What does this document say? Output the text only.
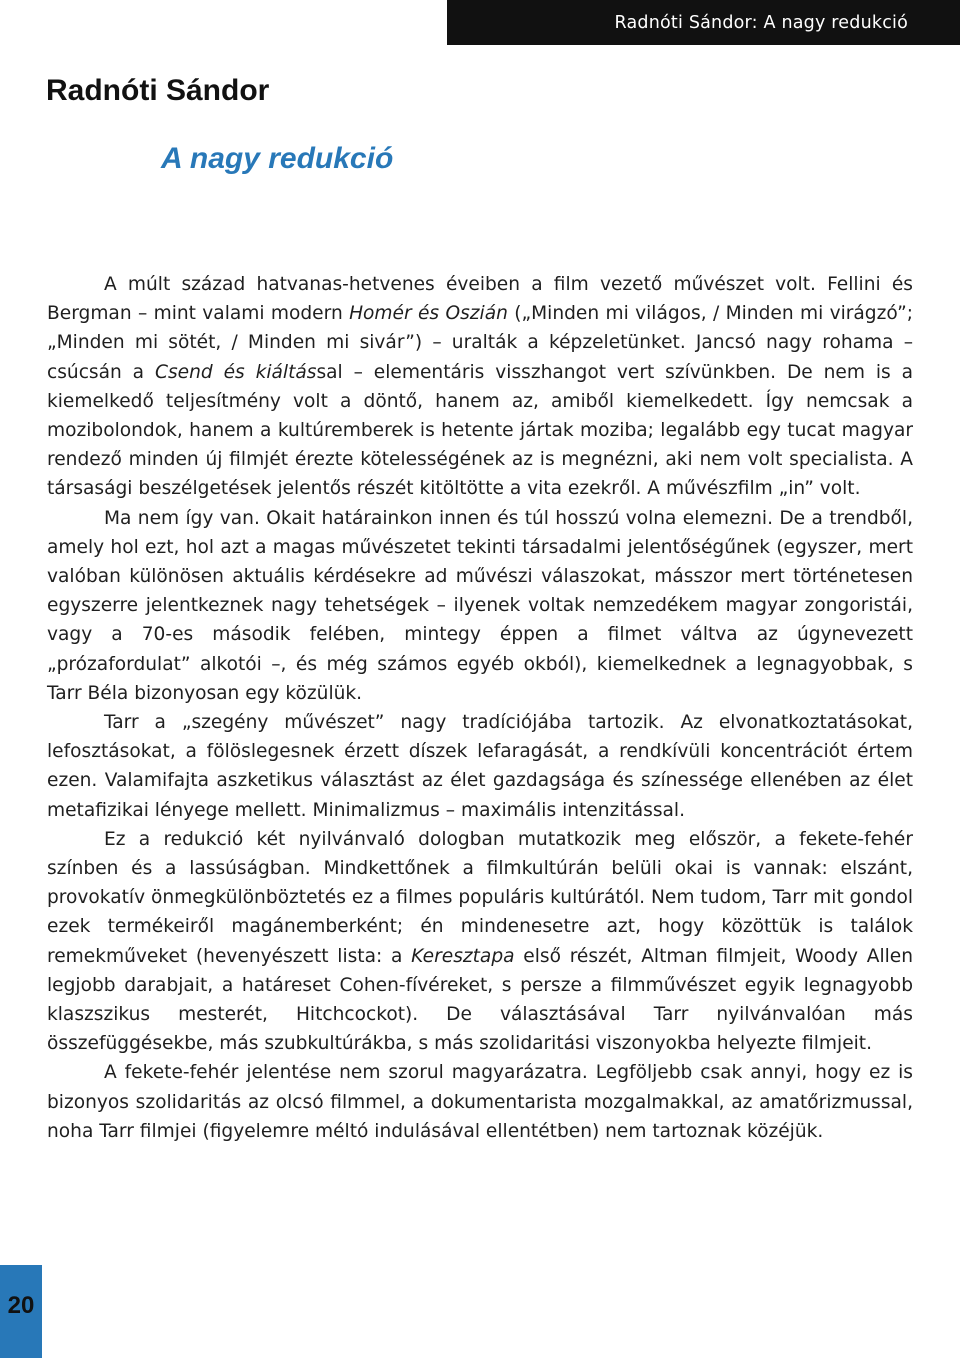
Radnóti Sándor: A nagy redukció
Radnóti Sándor
A nagy redukció

A múlt század hatvanas-hetvenes éveiben a film vezető művészet volt. Fellini és Bergman – mint valami modern Homér és Oszián („Minden mi világos, / Minden mi virágzó”; „Minden mi sötét, / Minden mi sivár”) – uralták a képzeletünket. Jancsó nagy rohama – csúcsán a Csend és kiáltással – elementáris visszhangot vert szívünkben. De nem is a kiemelkedő teljesítmény volt a döntő, hanem az, amiből kiemelkedett. Így nemcsak a mozibolondok, hanem a kultúremberek is hetente jártak moziba; legalább egy tucat magyar rendező minden új filmjét érezte kötelességének az is megnézni, aki nem volt specialista. A társasági beszélgetések jelentős részét kitöltötte a vita ezekről. A művészfilm „in” volt.

Ma nem így van. Okait határainkon innen és túl hosszú volna elemezni. De a trendből, amely hol ezt, hol azt a magas művészetet tekinti társadalmi jelentőségűnek (egyszer, mert valóban különösen aktuális kérdésekre ad művészi válaszokat, másszor mert történetesen egyszerre jelentkeznek nagy tehetségek – ilyenek voltak nemzedékem magyar zongoristái, vagy a 70-es második felében, mintegy éppen a filmet váltva az úgynevezett „prózafordulat” alkotói –, és még számos egyéb okból), kiemelkednek a legnagyobbak, s Tarr Béla bizonyosan egy közülük.

Tarr a „szegény művészet” nagy tradíciójába tartozik. Az elvonatkoztatásokat, lefosztásokat, a fölöslegesnek érzett díszek lefaragását, a rendkívüli koncentrációt értem ezen. Valamifajta aszketikus választást az élet gazdagsága és színessége ellenében az élet metafizikai lényege mellett. Minimalizmus – maximális intenzitással.

Ez a redukció két nyilvánvaló dologban mutatkozik meg először, a fekete-fehér színben és a lassúságban. Mindkettőnek a filmkultúrán belüli okai is vannak: elszánt, provokatív önmegkülönböztetés ez a filmes populáris kultúrától. Nem tudom, Tarr mit gondol ezek termékeiről magánemberként; én mindenesetre azt, hogy közöttük is találok remekműveket (hevenyészett lista: a Keresztapa első részét, Altman filmjeit, Woody Allen legjobb darabjait, a határeset Cohen-fívéreket, s persze a filmművészet egyik legnagyobb klaszszikus mesterét, Hitchcockot). De választásával Tarr nyilvánvalóan más összefüggésekbe, más szubkultúrákba, s más szolidaritási viszonyokba helyezte filmjeit.

A fekete-fehér jelentése nem szorul magyarázatra. Legföljebb csak annyi, hogy ez is bizonyos szolidaritás az olcsó filmmel, a dokumentarista mozgalmakkal, az amatőrizmussal, noha Tarr filmjei (figyelemre méltó indulásával ellentétben) nem tartoznak közéjük.

20
